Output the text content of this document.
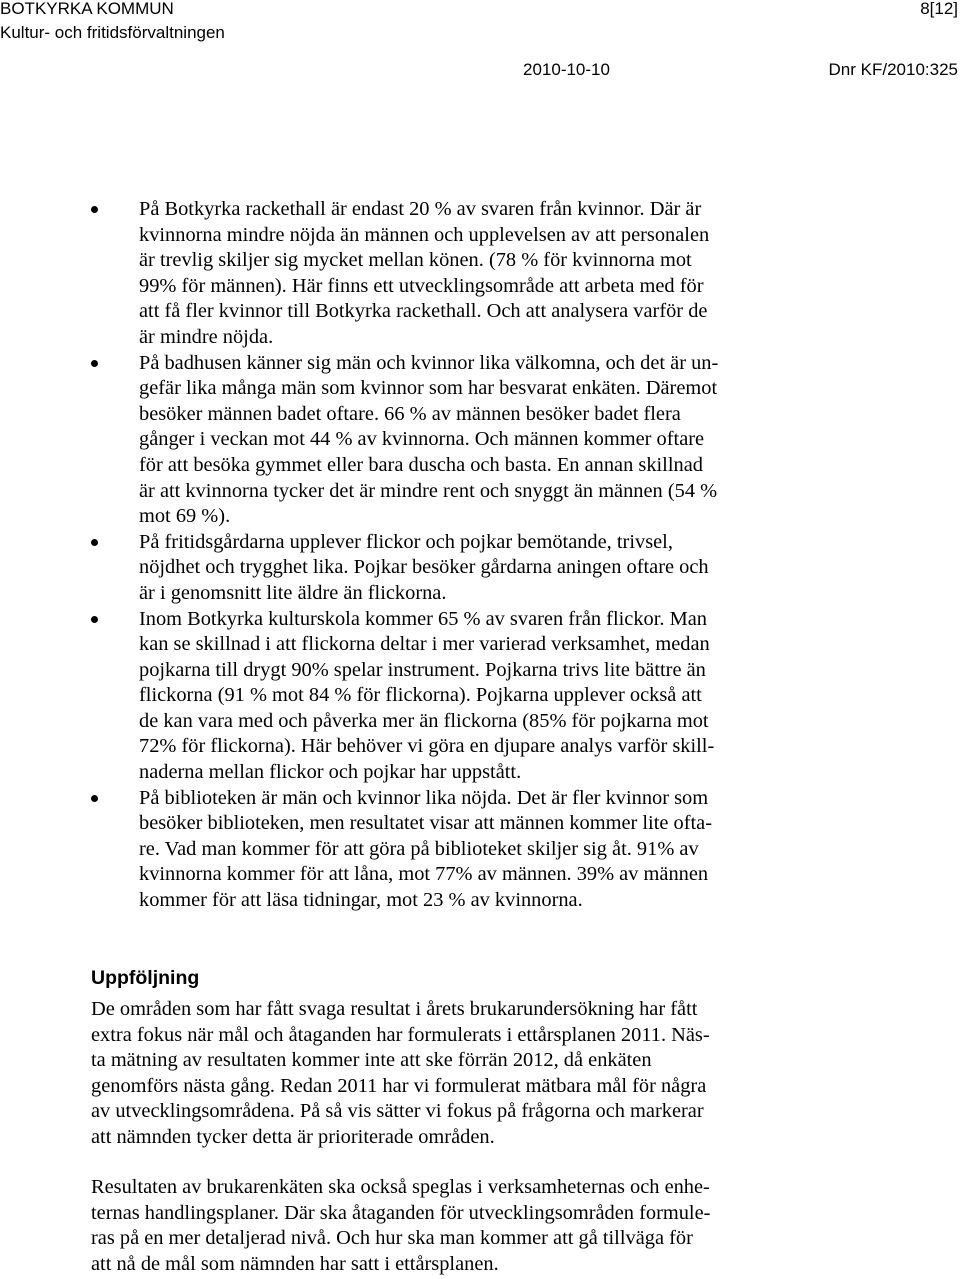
BOTKYRKA KOMMUN
Kultur- och fritidsförvaltningen
8[12]
2010-10-10	Dnr KF/2010:325

På Botkyrka rackethall är endast 20 % av svaren från kvinnor. Där är
kvinnorna mindre nöjda än männen och upplevelsen av att personalen
är trevlig skiljer sig mycket mellan könen. (78 % för kvinnorna mot
99% för männen). Här finns ett utvecklingsområde att arbeta med för
att få fler kvinnor till Botkyrka rackethall. Och att analysera varför de
är mindre nöjda.

På badhusen känner sig män och kvinnor lika välkomna, och det är un-
gefär lika många män som kvinnor som har besvarat enkäten. Däremot
besöker männen badet oftare. 66 % av männen besöker badet flera
gånger i veckan mot 44 % av kvinnorna. Och männen kommer oftare
för att besöka gymmet eller bara duscha och basta. En annan skillnad
är att kvinnorna tycker det är mindre rent och snyggt än männen (54 %
mot 69 %).

På fritidsgårdarna upplever flickor och pojkar bemötande, trivsel,
nöjdhet och trygghet lika. Pojkar besöker gårdarna aningen oftare och
är i genomsnitt lite äldre än flickorna.

Inom Botkyrka kulturskola kommer 65 % av svaren från flickor. Man
kan se skillnad i att flickorna deltar i mer varierad verksamhet, medan
pojkarna till drygt 90% spelar instrument. Pojkarna trivs lite bättre än
flickorna (91 % mot 84 % för flickorna). Pojkarna upplever också att
de kan vara med och påverka mer än flickorna (85% för pojkarna mot
72% för flickorna). Här behöver vi göra en djupare analys varför skill-
naderna mellan flickor och pojkar har uppstått.

På biblioteken är män och kvinnor lika nöjda. Det är fler kvinnor som
besöker biblioteken, men resultatet visar att männen kommer lite ofta-
re. Vad man kommer för att göra på biblioteket skiljer sig åt. 91% av
kvinnorna kommer för att låna, mot 77% av männen. 39% av männen
kommer för att läsa tidningar, mot 23 % av kvinnorna.

Uppföljning

De områden som har fått svaga resultat i årets brukarundersökning har fått
extra fokus när mål och åtaganden har formulerats i ettårsplanen 2011. Näs-
ta mätning av resultaten kommer inte att ske förrän 2012, då enkäten
genomförs nästa gång. Redan 2011 har vi formulerat mätbara mål för några
av utvecklingsområdena. På så vis sätter vi fokus på frågorna och markerar
att nämnden tycker detta är prioriterade områden.

Resultaten av brukarenkäten ska också speglas i verksamheternas och enhe-
ternas handlingsplaner. Där ska åtaganden för utvecklingsområden formule-
ras på en mer detaljerad nivå. Och hur ska man kommer att gå tillväga för
att nå de mål som nämnden har satt i ettårsplanen.
